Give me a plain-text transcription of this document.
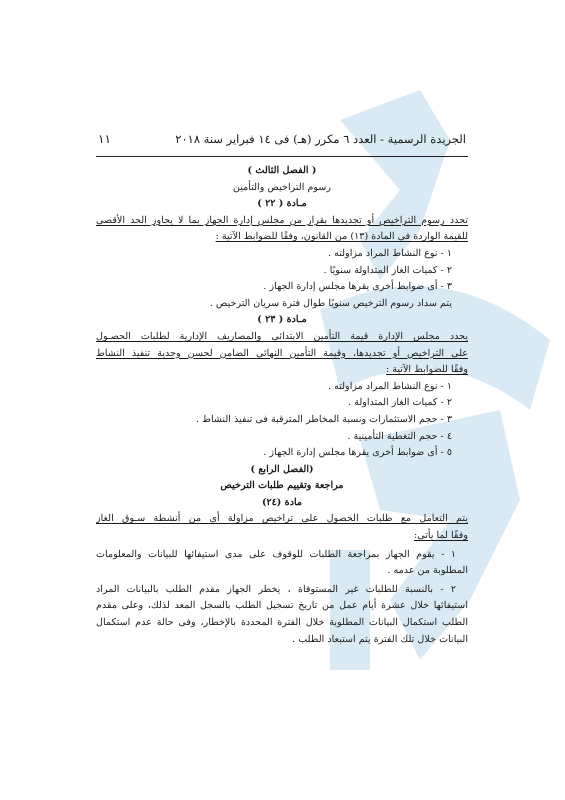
الجريدة الرسمية - العدد ٦ مكرر (هـ) فى ١٤ فبراير سنة ٢٠١٨
١١
( الفصل الثالث )
رسوم التراخيص والتأمين
مـادة ( ٢٢ )
تحدد رسوم التراخيص أو تجديدها بقرار من مجلس إدارة الجهاز بما لا يجاوز الحد الأقصى
للقيمة الواردة فى المادة (١٣) من القانون، وفقًا للضوابط الآتية :
١ - نوع النشاط المراد مزاولته .
٢ - كميات الغاز المتداولة سنويًا .
٣ - أى ضوابط أخرى يقرها مجلس إدارة الجهاز .
يتم سداد رسوم الترخيص سنويًا طوال فترة سريان الترخيص .
مـادة ( ٢٣ )
يحدد مجلس الإدارة قيمة التأمين الابتدائى والمصاريف الإدارية لطلبات الحصـول
على التراخيص أو تجديدها، وقيمة التأمين النهائى الضامن لحسن وجدية تنفيذ النشاط
وفقًا للضوابط الآتية :
١ - نوع النشاط المراد مزاولته .
٢ - كميات الغاز المتداولة .
٣ - حجم الاستثمارات ونسبة المخاطر المترقبة فى تنفيذ النشاط .
٤ - حجم التغطية التأمينية .
٥ - أى ضوابط أخرى يقرها مجلس إدارة الجهاز .
(الفصل الرابع )
مراجعة وتقييم طلبات الترخيص
مادة (٢٤)
يتم التعامل مع طلبات الحصول على تراخيص مزاولة أى من أنشطة سـوق الغاز
وفقًا لما يأتى:
١ - يقوم الجهاز بمراجعة الطلبات للوقوف على مدى استيفائها للبيانات والمعلومات
المطلوبة من عدمه .
٢ - بالنسبة للطلبات غير المستوفاة ، يخطر الجهاز مقدم الطلب بالبيانات المراد
استيفائها خلال عشرة أيام عمل من تاريخ تسجيل الطلب بالسجل المعد لذلك، وعلى مقدم
الطلب استكمال البيانات المطلوبة خلال الفترة المحددة بالإخطار، وفى حالة عدم استكمال
البيانات خلال تلك الفترة يتم استبعاد الطلب .
